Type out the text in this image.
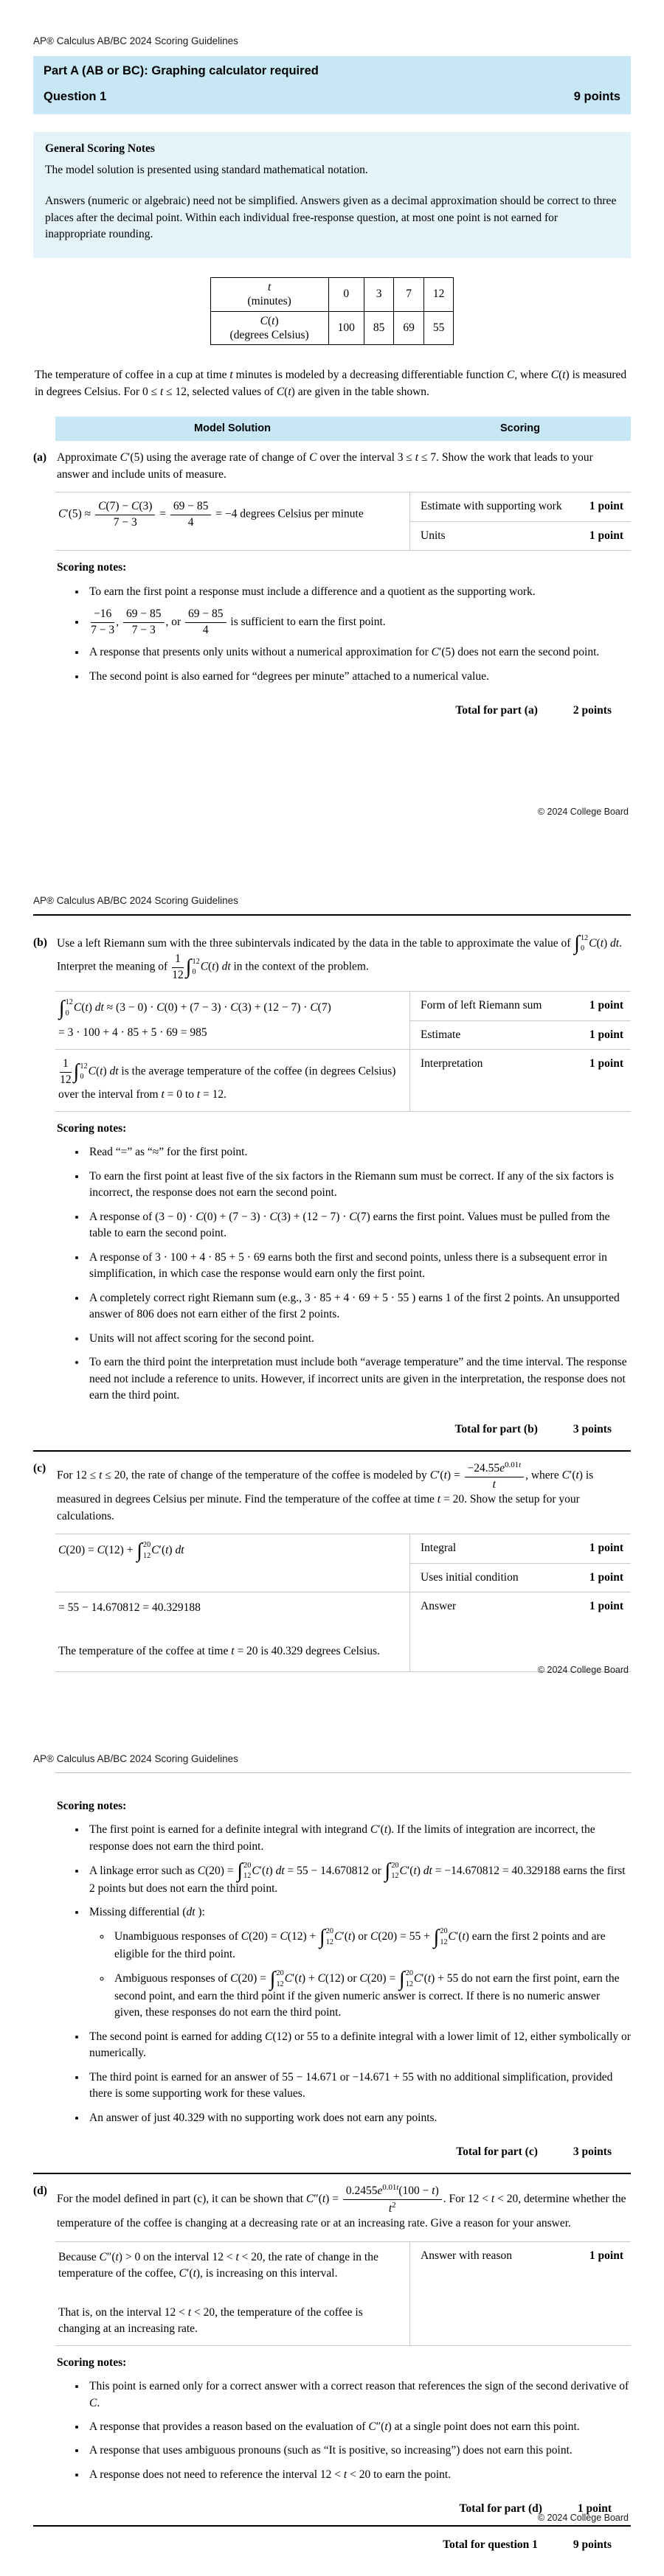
AP® Calculus AB/BC 2024 Scoring Guidelines
Part A (AB or BC): Graphing calculator required
Question 1	9 points
General Scoring Notes

The model solution is presented using standard mathematical notation.

Answers (numeric or algebraic) need not be simplified. Answers given as a decimal approximation should be correct to three places after the decimal point. Within each individual free-response question, at most one point is not earned for inappropriate rounding.

t
(minutes)	0	3	7	12
C(t)
(degrees Celsius)	100	85	69	55

The temperature of coffee in a cup at time t minutes is modeled by a decreasing differentiable function C, where C(t) is measured in degrees Celsius. For 0 ≤ t ≤ 12, selected values of C(t) are given in the table shown.

Model Solution	Scoring
(a) Approximate C′(5) using the average rate of change of C over the interval 3 ≤ t ≤ 7. Show the work that leads to your answer and include units of measure.
$C'(5) \approx \frac{C(7) - C(3)}{7 - 3} = \frac{69 - 85}{4} = -4$ degrees Celsius per minute
Estimate with supporting work 1 point
Units	1 point
Scoring notes:
• To earn the first point a response must include a difference and a quotient as the supporting work.
• $\frac{-16}{7 - 3}$ , $\frac{69 - 85}{7 - 3}$ , or $\frac{69 - 85}{4}$ is sufficient to earn the first point.
• A response that presents only units without a numerical approximation for C′(5) does not earn the second point.
• The second point is also earned for “degrees per minute” attached to a numerical value.
Total for part (a)	2 points
© 2024 College Board
AP® Calculus AB/BC 2024 Scoring Guidelines
(b) Use a left Riemann sum with the three subintervals indicated by the data in the table to approximate the value of ∫ 12
0 C(t) dt. Interpret the meaning of $\frac{1}{12}$ ∫ 12
0 C(t) dt in the context of the problem.
∫ 12
0 C(t) dt ≈ (3 − 0) · C(0) + (7 − 3) · C(3) + (12 − 7) · C(7)
= 3 · 100 + 4 · 85 + 5 · 69 = 985
Form of left Riemann sum	1 point
Estimate	1 point
$\frac{1}{12}$ ∫ 12
0 C(t) dt is the average temperature of the coffee (in degrees Celsius) over the interval from t = 0 to t = 12.
Interpretation	1 point
Scoring notes:
• Read “=” as “≈” for the first point.
• To earn the first point at least five of the six factors in the Riemann sum must be correct. If any of the six factors is incorrect, the response does not earn the second point.
• A response of (3 − 0) · C(0) + (7 − 3) · C(3) + (12 − 7) · C(7) earns the first point. Values must be pulled from the table to earn the second point.
• A response of 3 · 100 + 4 · 85 + 5 · 69 earns both the first and second points, unless there is a subsequent error in simplification, in which case the response would earn only the first point.
• A completely correct right Riemann sum (e.g., 3 · 85 + 4 · 69 + 5 · 55 ) earns 1 of the first 2 points. An unsupported answer of 806 does not earn either of the first 2 points.
• Units will not affect scoring for the second point.
• To earn the third point the interpretation must include both “average temperature” and the time interval. The response need not include a reference to units. However, if incorrect units are given in the interpretation, the response does not earn the third point.
Total for part (b)	3 points
(c)
For 12 ≤ t ≤ 20, the rate of change of the temperature of the coffee is modeled by $C'(t) = \frac{-24.55e^{0.01t}}{t}$ , where C′(t) is measured in degrees Celsius per minute. Find the temperature of the coffee at time t = 20. Show the setup for your calculations.
C(20) = C(12) + ∫ 20
12 C′(t) dt	Integral	1 point
Uses initial condition	1 point
= 55 − 14.670812 = 40.329188	Answer	1 point
The temperature of the coffee at time t = 20 is 40.329 degrees Celsius.
© 2024 College Board
AP® Calculus AB/BC 2024 Scoring Guidelines
Scoring notes:
• The first point is earned for a definite integral with integrand C′(t). If the limits of integration are incorrect, the response does not earn the third point.
• A linkage error such as C(20) = ∫ 20
12 C′(t) dt = 55 − 14.670812 or ∫ 20
12 C′(t) dt = −14.670812 = 40.329188 earns the first 2 points but does not earn the third point.
• Missing differential (dt ):
◦ Unambiguous responses of C(20) = C(12) + ∫ 20
12 C′(t) or C(20) = 55 + ∫ 20
12 C′(t) earn the first 2 points and are eligible for the third point.
◦ Ambiguous responses of C(20) = ∫ 20
12 C′(t) + C(12) or C(20) = ∫ 20
12 C′(t) + 55 do not earn the first point, earn the second point, and earn the third point if the given numeric answer is correct. If there is no numeric answer given, these responses do not earn the third point.
• The second point is earned for adding C(12) or 55 to a definite integral with a lower limit of 12, either symbolically or numerically.
• The third point is earned for an answer of 55 − 14.671 or −14.671 + 55 with no additional simplification, provided there is some supporting work for these values.
• An answer of just 40.329 with no supporting work does not earn any points.
Total for part (c)	3 points
(d)
For the model defined in part (c), it can be shown that $C''(t) = \frac{0.2455e^{0.01t}(100 - t)}{t^2}$ . For 12 < t < 20, determine whether the temperature of the coffee is changing at a decreasing rate or at an increasing rate. Give a reason for your answer.
Because C″(t) > 0 on the interval 12 < t < 20, the rate of change in the temperature of the coffee, C′(t), is increasing on this interval.
That is, on the interval 12 < t < 20, the temperature of the coffee is changing at an increasing rate.
Answer with reason	1 point
Scoring notes:
• This point is earned only for a correct answer with a correct reason that references the sign of the second derivative of C.
• A response that provides a reason based on the evaluation of C″(t) at a single point does not earn this point.
• A response that uses ambiguous pronouns (such as “It is positive, so increasing”) does not earn this point.
• A response does not need to reference the interval 12 < t < 20 to earn the point.
Total for part (d)	1 point
Total for question 1	9 points
© 2024 College Board
